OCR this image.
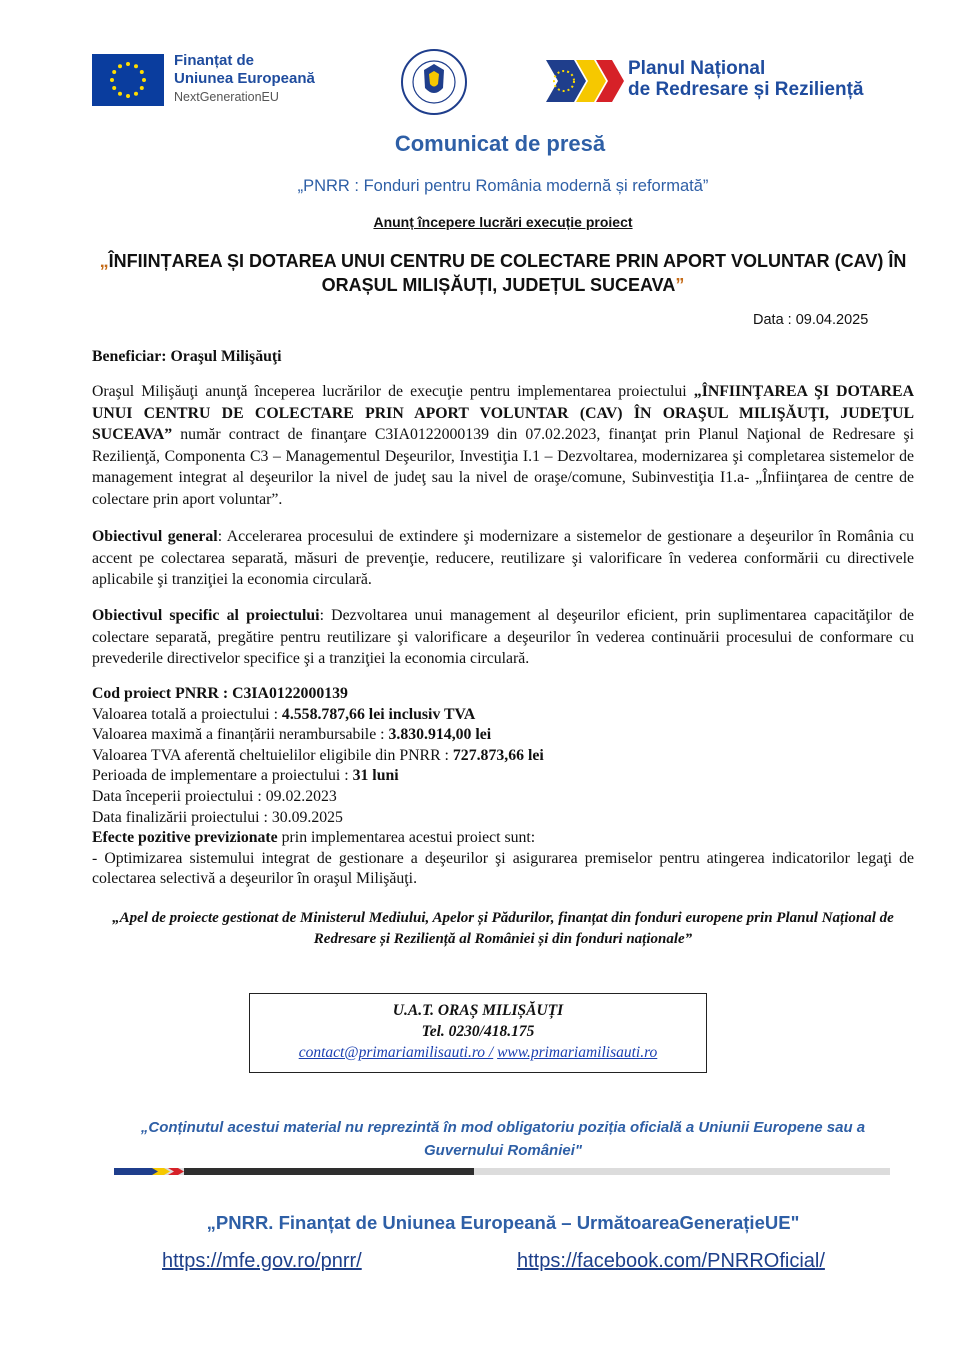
Finanțat de
Uniunea Europeană
NextGenerationEU
Planul Național
de Redresare și Reziliență
Comunicat de presă
„PNRR : Fonduri pentru România modernă și reformată”
Anunț începere lucrări execuție proiect
„ÎNFIINȚAREA ȘI DOTAREA UNUI CENTRU DE COLECTARE PRIN APORT VOLUNTAR (CAV) ÎN ORAȘUL MILIȘĂUȚI, JUDEȚUL SUCEAVA”
Data : 09.04.2025
Beneficiar: Oraşul Milişăuţi
Oraşul Milişăuţi anunţă începerea lucrărilor de execuţie pentru implementarea proiectului „ÎNFIINŢAREA ŞI DOTAREA UNUI CENTRU DE COLECTARE PRIN APORT VOLUNTAR (CAV) ÎN ORAŞUL MILIŞĂUŢI, JUDEŢUL SUCEAVA” număr contract de finanţare C3IA0122000139 din 07.02.2023, finanţat prin Planul Naţional de Redresare şi Rezilienţă, Componenta C3 – Managementul Deşeurilor, Investiţia I.1 – Dezvoltarea, modernizarea şi completarea sistemelor de management integrat al deşeurilor la nivel de judeţ sau la nivel de oraşe/comune, Subinvestiţia I1.a- „Înfiinţarea de centre de colectare prin aport voluntar”.
Obiectivul general: Accelerarea procesului de extindere şi modernizare a sistemelor de gestionare a deşeurilor în România cu accent pe colectarea separată, măsuri de prevenţie, reducere, reutilizare şi valorificare în vederea conformării cu directivele aplicabile şi tranziţiei la economia circulară.
Obiectivul specific al proiectului: Dezvoltarea unui management al deşeurilor eficient, prin suplimentarea capacităţilor de colectare separată, pregătire pentru reutilizare şi valorificare a deşeurilor în vederea continuării procesului de conformare cu prevederile directivelor specifice şi a tranziţiei la economia circulară.
Cod proiect PNRR : C3IA0122000139
Valoarea totală a proiectului : 4.558.787,66 lei inclusiv TVA
Valoarea maximă a finanțării nerambursabile : 3.830.914,00 lei
Valoarea TVA aferentă cheltuielilor eligibile din PNRR : 727.873,66 lei
Perioada de implementare a proiectului : 31 luni
Data începerii proiectului : 09.02.2023
Data finalizării proiectului : 30.09.2025
Efecte pozitive previzionate prin implementarea acestui proiect sunt:
- Optimizarea sistemului integrat de gestionare a deşeurilor şi asigurarea premiselor pentru atingerea indicatorilor legaţi de colectarea selectivă a deşeurilor în oraşul Milişăuţi.
„Apel de proiecte gestionat de Ministerul Mediului, Apelor și Pădurilor, finanțat din fonduri europene prin Planul Național de Redresare și Reziliență al României și din fonduri naționale”
U.A.T. ORAȘ MILIȘĂUȚI
Tel. 0230/418.175
contact@primariamilisauti.ro / www.primariamilisauti.ro
„Conținutul acestui material nu reprezintă în mod obligatoriu poziția oficială a Uniunii Europene sau a Guvernului României"
„PNRR. Finanțat de Uniunea Europeană – UrmătoareaGenerațieUE"
https://mfe.gov.ro/pnrr/	https://facebook.com/PNRROficial/
